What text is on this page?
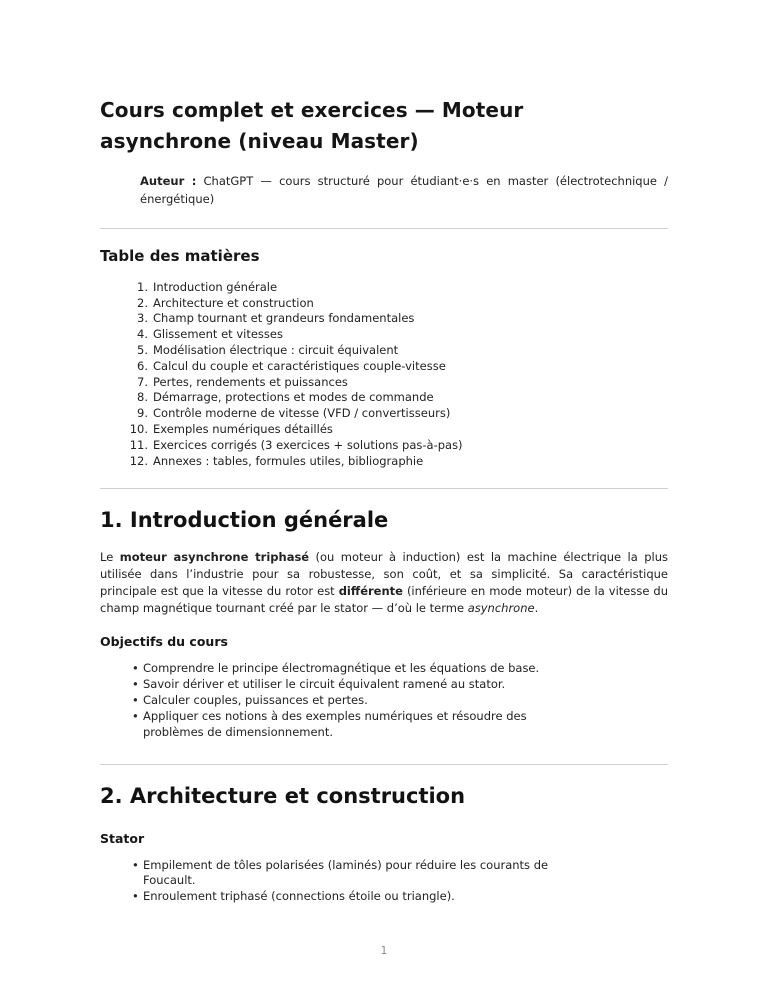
Cours complet et exercices — Moteur asynchrone (niveau Master)

Auteur : ChatGPT — cours structuré pour étudiant·e·s en master (électrotechnique / énergétique)

Table des matières
1. Introduction générale
2. Architecture et construction
3. Champ tournant et grandeurs fondamentales
4. Glissement et vitesses
5. Modélisation électrique : circuit équivalent
6. Calcul du couple et caractéristiques couple-vitesse
7. Pertes, rendements et puissances
8. Démarrage, protections et modes de commande
9. Contrôle moderne de vitesse (VFD / convertisseurs)
10. Exemples numériques détaillés
11. Exercices corrigés (3 exercices + solutions pas-à-pas)
12. Annexes : tables, formules utiles, bibliographie
1. Introduction générale

Le moteur asynchrone triphasé (ou moteur à induction) est la machine électrique la plus utilisée dans l’industrie pour sa robustesse, son coût, et sa simplicité. Sa caractéristique principale est que la vitesse du rotor est différente (inférieure en mode moteur) de la vitesse du champ magnétique tournant créé par le stator — d’où le terme asynchrone.

Objectifs du cours
• Comprendre le principe électromagnétique et les équations de base.
• Savoir dériver et utiliser le circuit équivalent ramené au stator.
• Calculer couples, puissances et pertes.
• Appliquer ces notions à des exemples numériques et résoudre des problèmes de dimensionnement.
2. Architecture et construction
Stator
• Empilement de tôles polarisées (laminés) pour réduire les courants de Foucault.
• Enroulement triphasé (connections étoile ou triangle).
1
